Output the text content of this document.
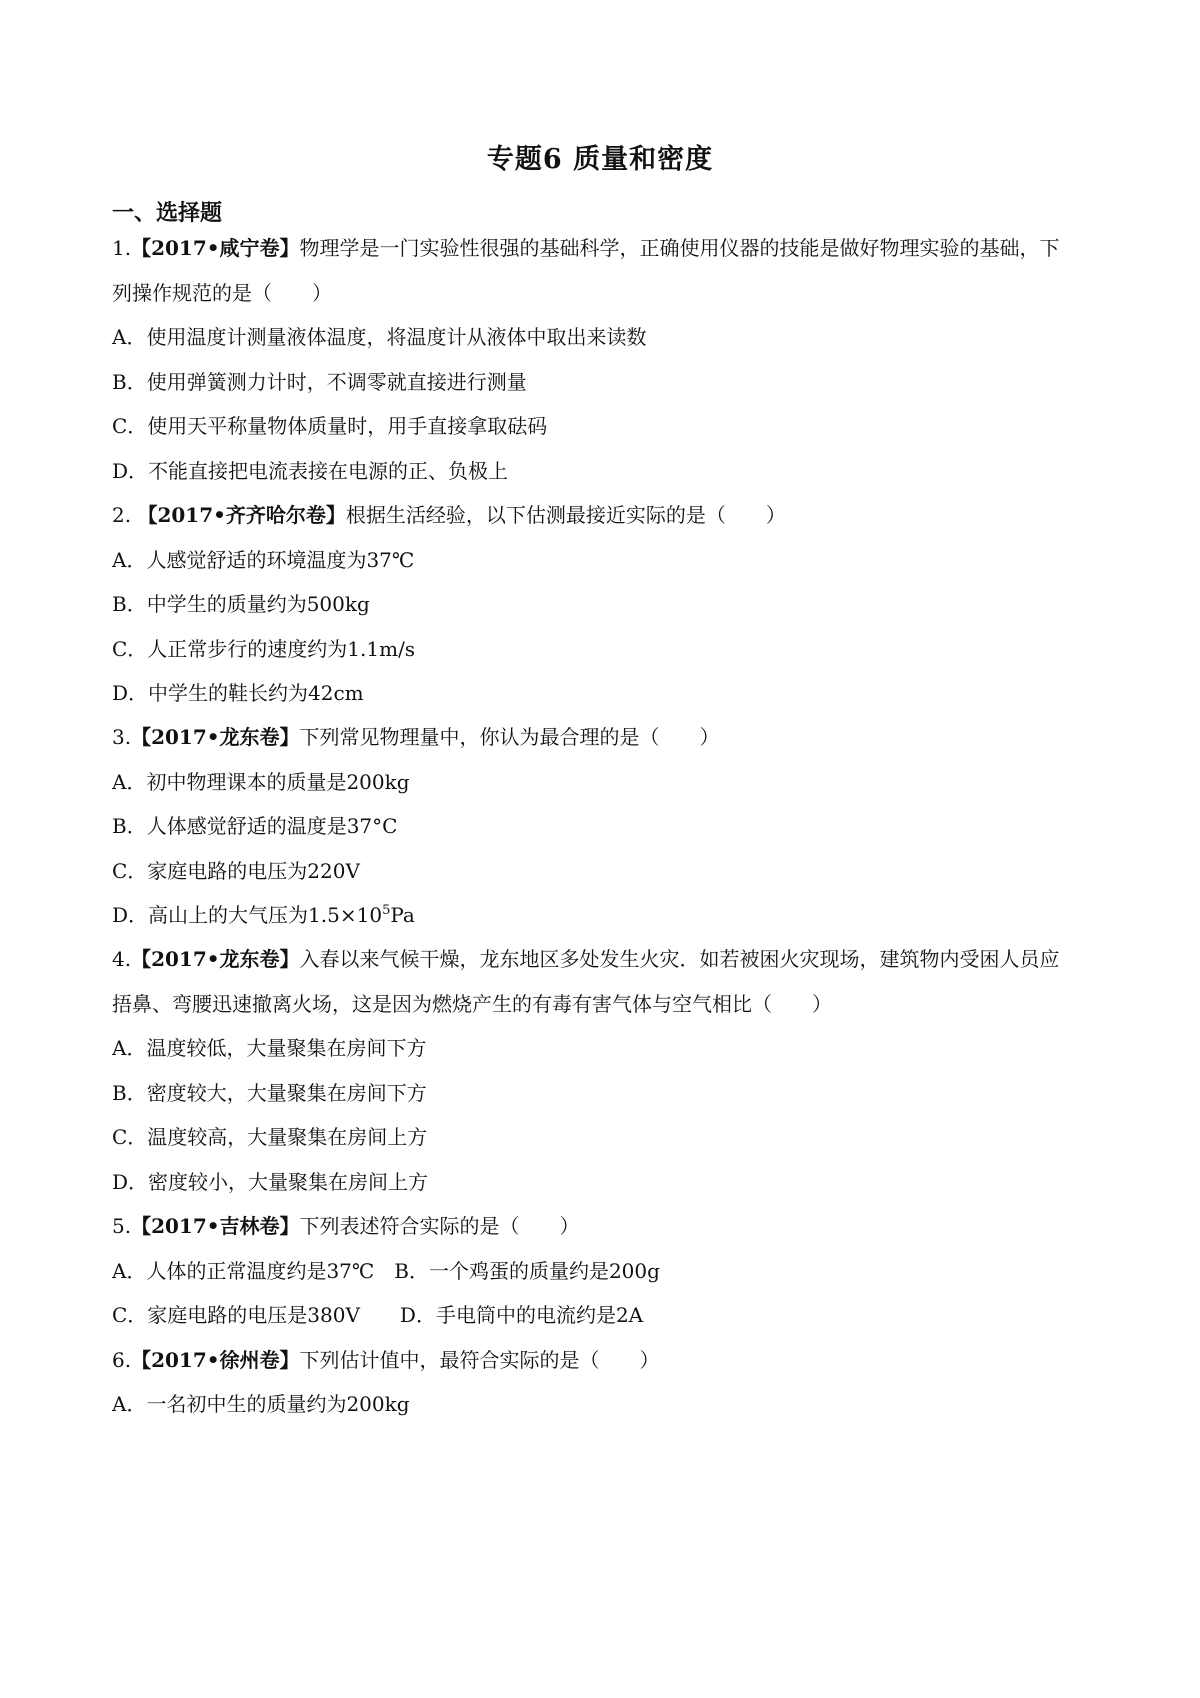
专题6 质量和密度
一、选择题
1.【2017•咸宁卷】物理学是一门实验性很强的基础科学，正确使用仪器的技能是做好物理实验的基础，下
列操作规范的是（　　）
A．使用温度计测量液体温度，将温度计从液体中取出来读数
B．使用弹簧测力计时，不调零就直接进行测量
C．使用天平称量物体质量时，用手直接拿取砝码
D．不能直接把电流表接在电源的正、负极上
2. 【2017•齐齐哈尔卷】根据生活经验，以下估测最接近实际的是（　　）
A．人感觉舒适的环境温度为37℃
B．中学生的质量约为500kg
C．人正常步行的速度约为1.1m/s
D．中学生的鞋长约为42cm
3.【2017•龙东卷】下列常见物理量中，你认为最合理的是（　　）
A．初中物理课本的质量是200kg
B．人体感觉舒适的温度是37°C
C．家庭电路的电压为220V
D．高山上的大气压为$1.5\times 10^5Pa$
4.【2017•龙东卷】入春以来气候干燥，龙东地区多处发生火灾．如若被困火灾现场，建筑物内受困人员应
捂鼻、弯腰迅速撤离火场，这是因为燃烧产生的有毒有害气体与空气相比（　　）
A．温度较低，大量聚集在房间下方
B．密度较大，大量聚集在房间下方
C．温度较高，大量聚集在房间上方
D．密度较小，大量聚集在房间上方
5.【2017•吉林卷】下列表述符合实际的是（　　）
A．人体的正常温度约是37℃　B．一个鸡蛋的质量约是200g
C．家庭电路的电压是380V　　D．手电筒中的电流约是2A
6.【2017•徐州卷】下列估计值中，最符合实际的是（　　）
A．一名初中生的质量约为200kg
